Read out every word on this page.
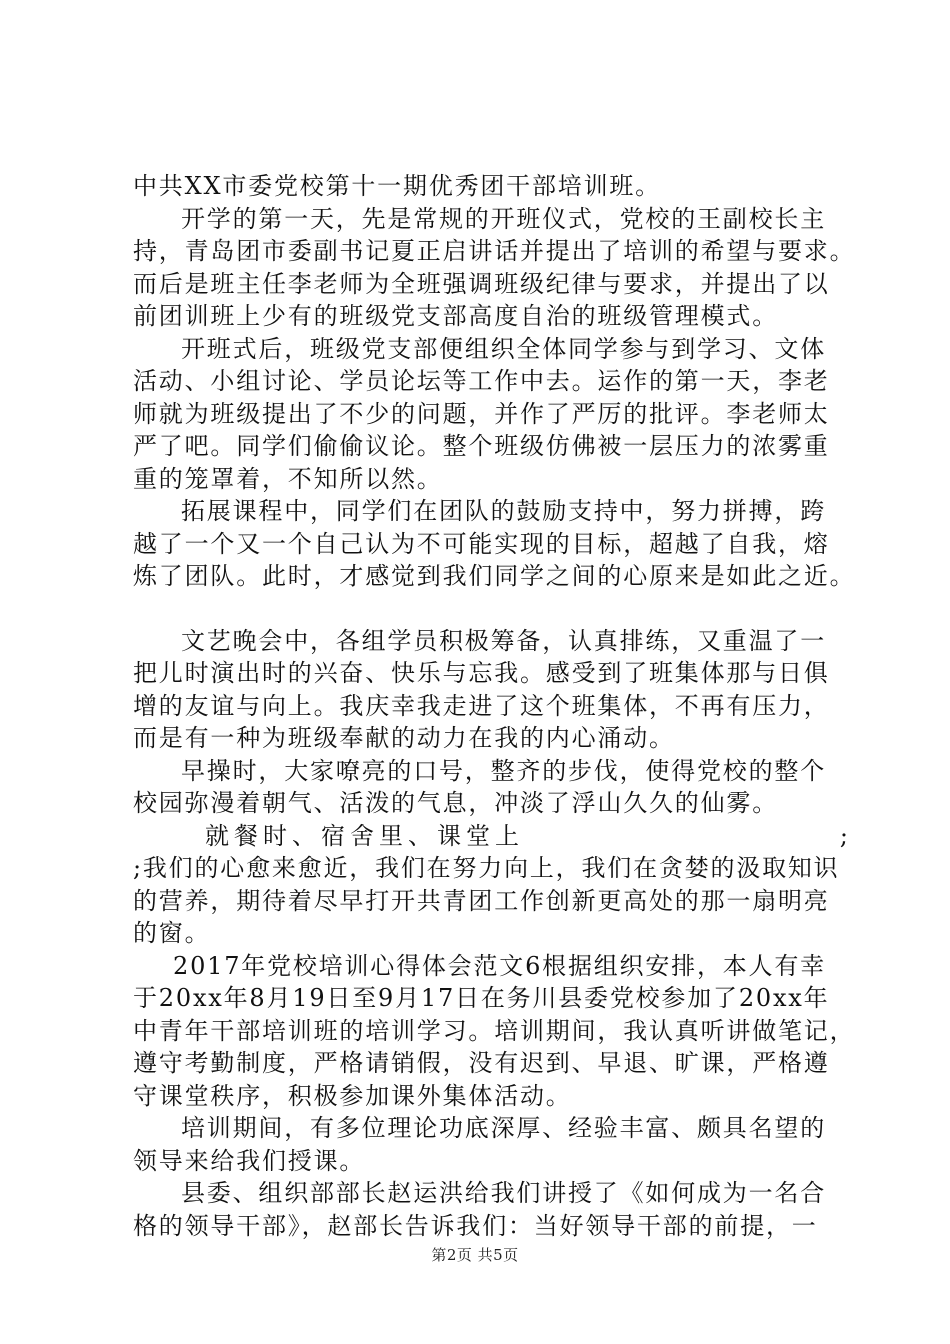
中共XX市委党校第十一期优秀团干部培训班。
开学的第一天，先是常规的开班仪式，党校的王副校长主
持，青岛团市委副书记夏正启讲话并提出了培训的希望与要求。
而后是班主任李老师为全班强调班级纪律与要求，并提出了以
前团训班上少有的班级党支部高度自治的班级管理模式。
开班式后，班级党支部便组织全体同学参与到学习、文体
活动、小组讨论、学员论坛等工作中去。运作的第一天，李老
师就为班级提出了不少的问题，并作了严厉的批评。李老师太
严了吧。同学们偷偷议论。整个班级仿佛被一层压力的浓雾重
重的笼罩着，不知所以然。
拓展课程中，同学们在团队的鼓励支持中，努力拼搏，跨
越了一个又一个自己认为不可能实现的目标，超越了自我，熔
炼了团队。此时，才感觉到我们同学之间的心原来是如此之近。
文艺晚会中，各组学员积极筹备，认真排练，又重温了一
把儿时演出时的兴奋、快乐与忘我。感受到了班集体那与日俱
增的友谊与向上。我庆幸我走进了这个班集体，不再有压力，
而是有一种为班级奉献的动力在我的内心涌动。
早操时，大家嘹亮的口号，整齐的步伐，使得党校的整个
校园弥漫着朝气、活泼的气息，冲淡了浮山久久的仙雾。
就餐时、宿舍里、课堂上	;
;我们的心愈来愈近，我们在努力向上，我们在贪婪的汲取知识
的营养，期待着尽早打开共青团工作创新更高处的那一扇明亮
的窗。
2017年党校培训心得体会范文6根据组织安排，本人有幸
于20xx年8月19日至9月17日在务川县委党校参加了20xx年
中青年干部培训班的培训学习。培训期间，我认真听讲做笔记，
遵守考勤制度，严格请销假，没有迟到、早退、旷课，严格遵
守课堂秩序，积极参加课外集体活动。
培训期间，有多位理论功底深厚、经验丰富、颇具名望的
领导来给我们授课。
县委、组织部部长赵运洪给我们讲授了《如何成为一名合
格的领导干部》，赵部长告诉我们：当好领导干部的前提，一
第2页 共5页
